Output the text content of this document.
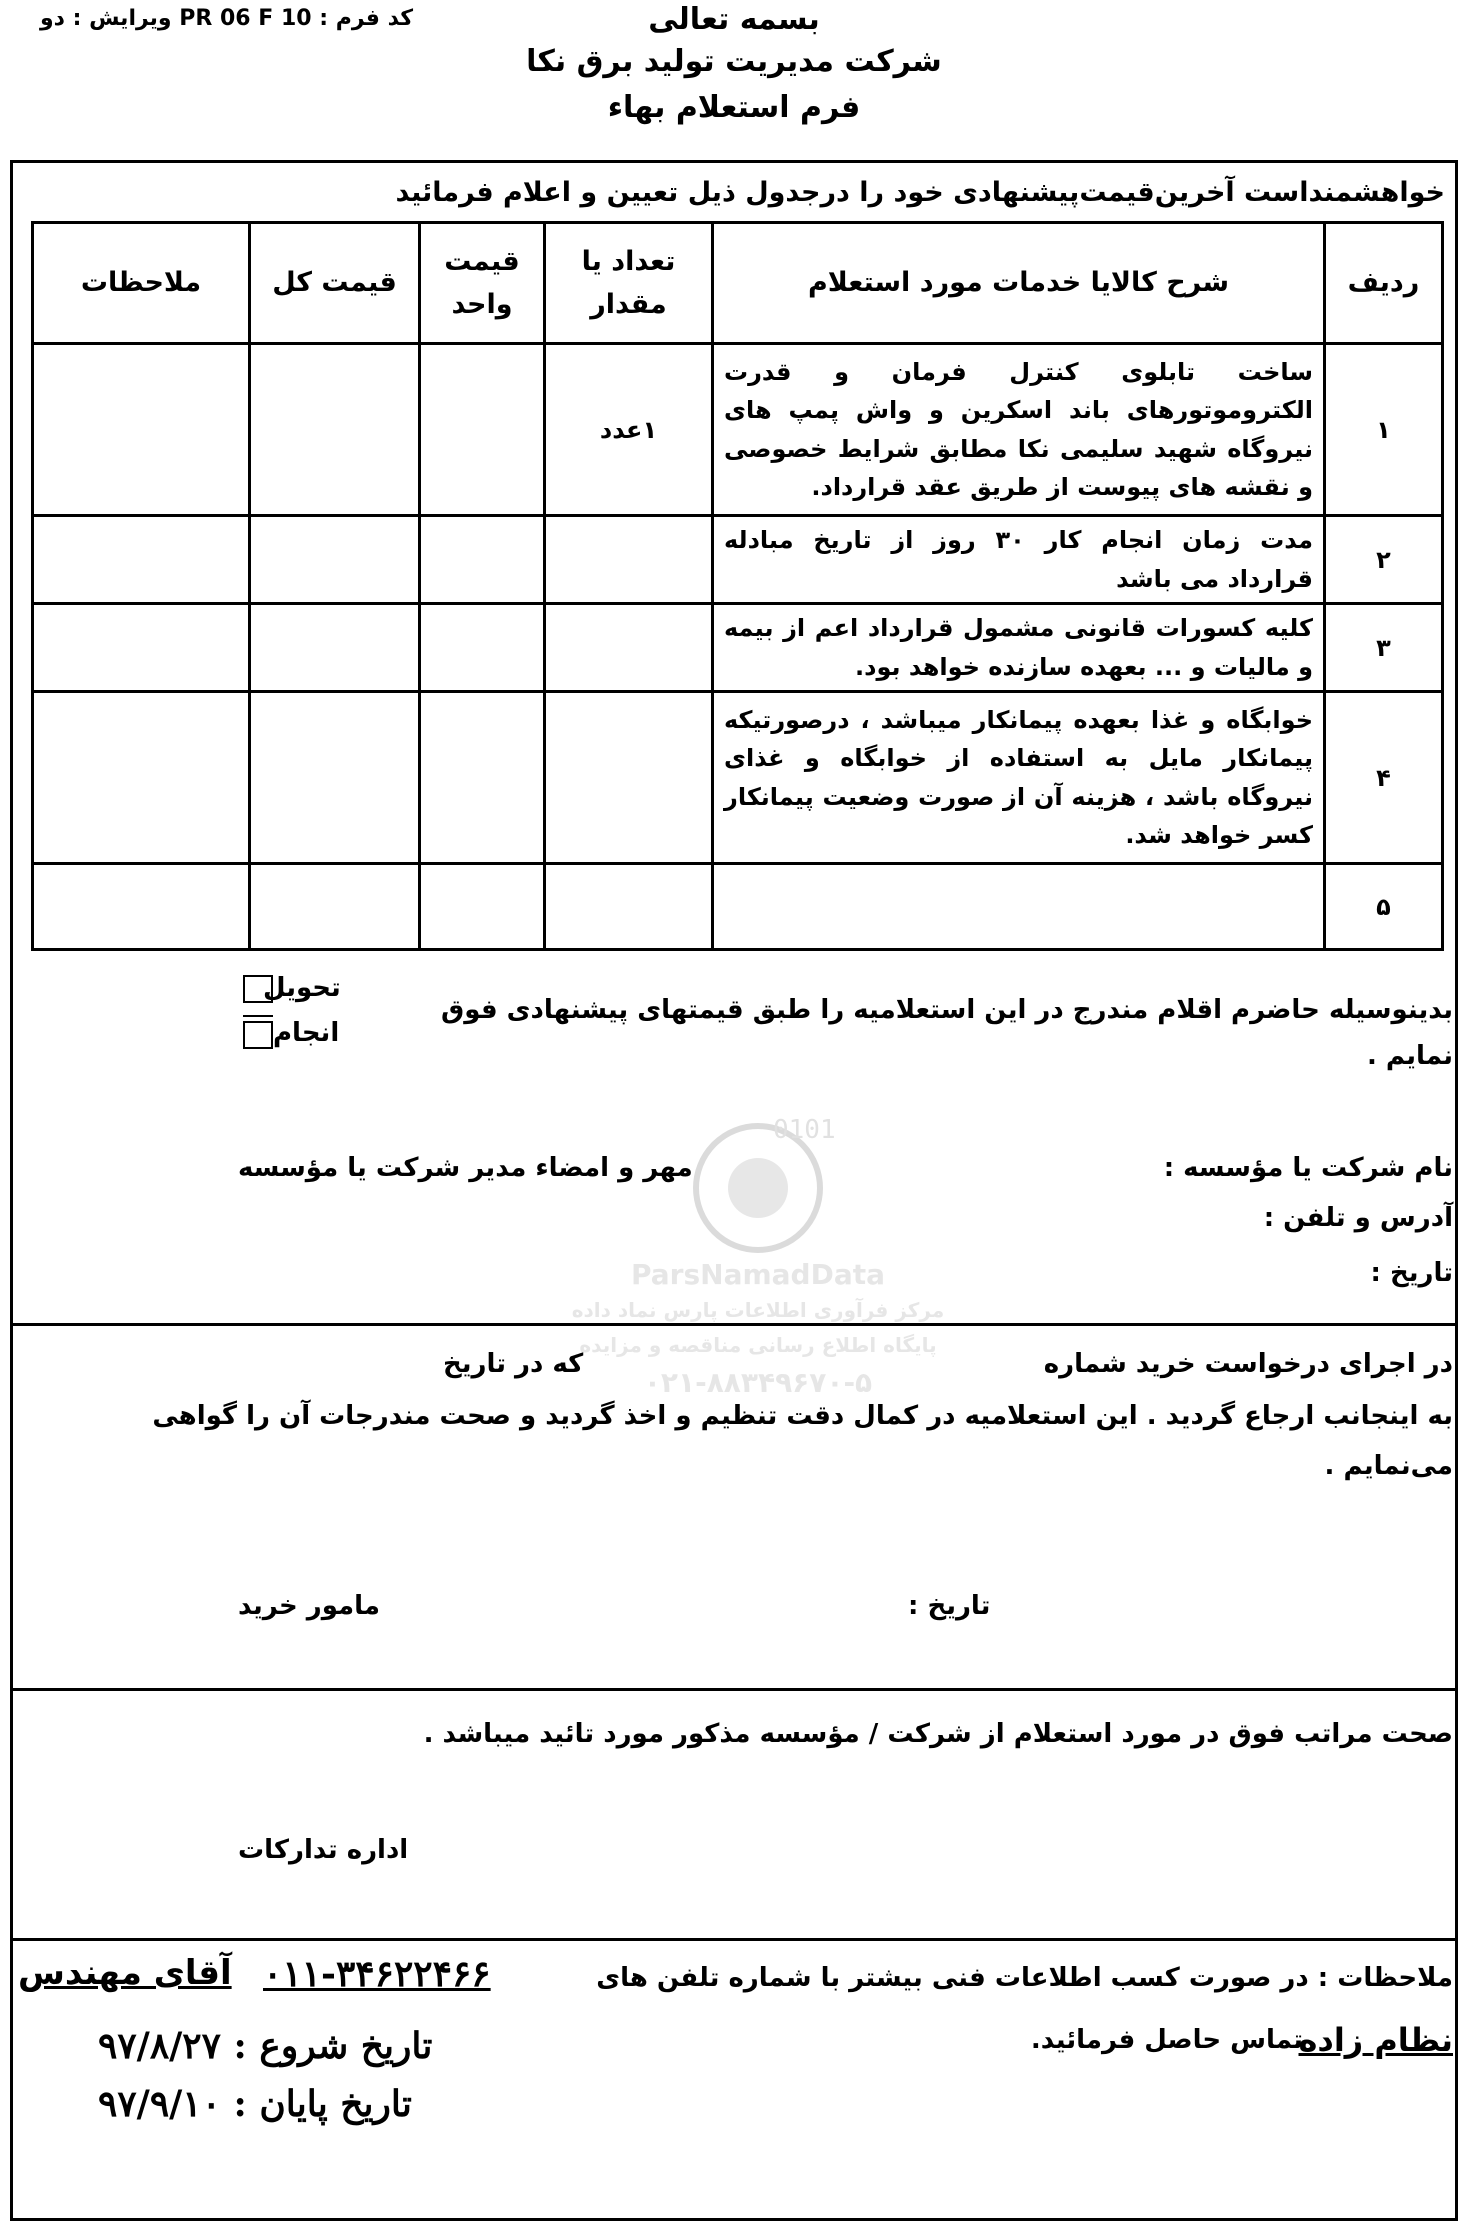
بسمه تعالی
شرکت مدیریت تولید برق نکا
فرم استعلام بهاء
کد فرم : PR 06 F 10 ویرایش : دو
خواهشمنداست آخرین‌قیمت‌پیشنهادی خود را درجدول ذیل تعیین و اعلام فرمائید
ردیف	شرح کالایا خدمات مورد استعلام	تعداد یا مقدار	قیمت واحد	قیمت کل	ملاحظات
۱	ساخت تابلوی کنترل فرمان و قدرت الکتروموتورهای باند اسکرین و واش پمپ های نیروگاه شهید سلیمی نکا مطابق شرایط خصوصی و نقشه های پیوست از طریق عقد قرارداد.	۱عدد			
۲	مدت زمان انجام کار ۳۰ روز از تاریخ مبادله قرارداد می باشد				
۳	کلیه کسورات قانونی مشمول قرارداد اعم از بیمه و مالیات و ... بعهده سازنده خواهد بود.				
۴	خوابگاه و غذا بعهده پیمانکار میباشد ، درصورتیکه پیمانکار مایل به استفاده از خوابگاه و غذای نیروگاه باشد ، هزینه آن از صورت وضعیت پیمانکار کسر خواهد شد.				
۵					
0101
ParsNamadData
مرکز فرآوری اطلاعات پارس نماد داده
پایگاه اطلاع رسانی مناقصه و مزایده
۰۲۱-۸۸۳۴۹۶۷۰-۵
بدینوسیله حاضرم اقلام مندرج در این استعلامیه را طبق قیمتهای پیشنهادی فوق
نمایم .
تحویل
انجام
نام شرکت یا مؤسسه :
مهر و امضاء مدیر شرکت یا مؤسسه
آدرس و تلفن :
تاریخ :
در اجرای درخواست خرید شماره
که در تاریخ
به اینجانب ارجاع گردید . این استعلامیه در کمال دقت تنظیم و اخذ گردید و صحت مندرجات آن را گواهی
می‌نمایم .
تاریخ :
مامور خرید
صحت مراتب فوق در مورد استعلام از شرکت / مؤسسه مذکور مورد تائید میباشد .
اداره تدارکات
ملاحظات : در صورت کسب اطلاعات فنی بیشتر با شماره تلفن های
۰۱۱-۳۴۶۲۲۴۶۶
آقای مهندس
نظام زاده
تماس حاصل فرمائید.
تاریخ شروع : ۹۷/۸/۲۷
تاریخ پایان : ۹۷/۹/۱۰
